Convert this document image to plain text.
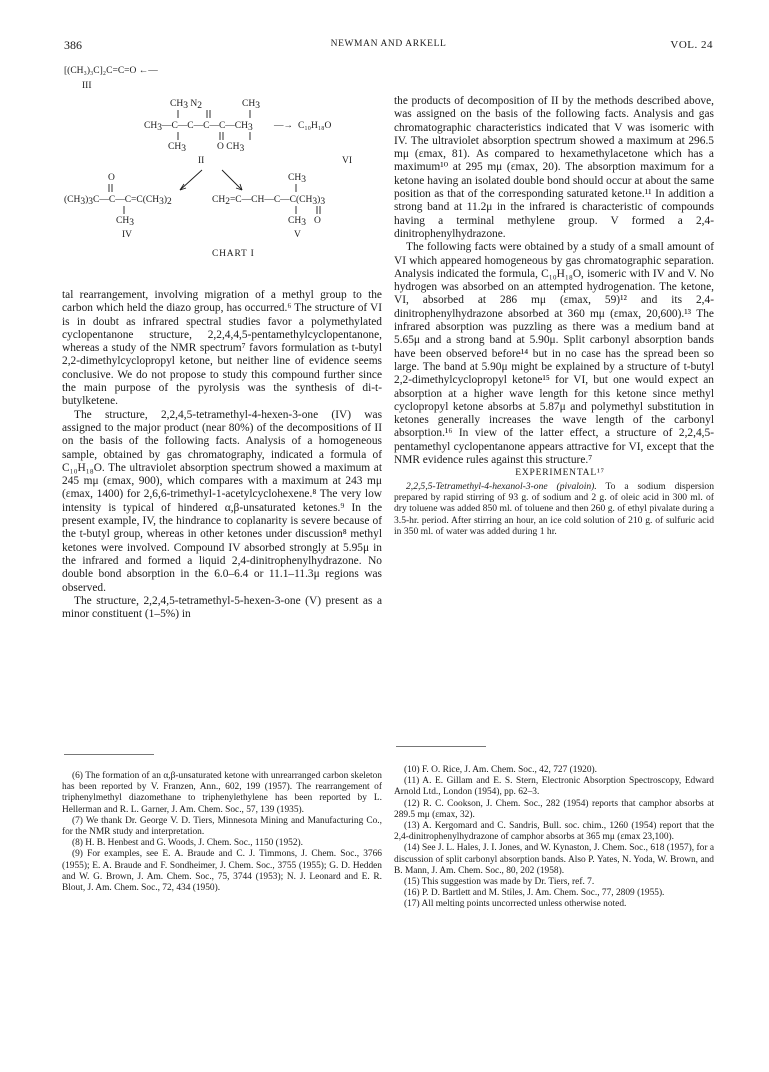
386	NEWMAN AND ARKELL	VOL. 24
[(CH₃)₃C]₂C=C=O ←—
III
CH3 N2	CH3
CH3—C—C—C—C—CH3 —→ C₁₀H₁₈O
CH3	O CH3
II	VI
O
(CH3)3C—C—C=C(CH3)2
CH3
IV
CH3
CH2=C—CH—C—C(CH3)3
CH3 O
V
CHART I

tal rearrangement, involving migration of a methyl group to the carbon which held the diazo group, has occurred.⁶ The structure of VI is in doubt as infrared spectral studies favor a polymethylated cyclopentanone structure, 2,2,4,4,5-pentamethylcyclopentanone, whereas a study of the NMR spectrum⁷ favors formulation as t-butyl 2,2-dimethylcyclopropyl ketone, but neither line of evidence seems conclusive. We do not propose to study this compound further since the main purpose of the pyrolysis was the synthesis of di-t-butylketene.

The structure, 2,2,4,5-tetramethyl-4-hexen-3-one (IV) was assigned to the major product (near 80%) of the decompositions of II on the basis of the following facts. Analysis of a homogeneous sample, obtained by gas chromatography, indicated a formula of C₁₀H₁₈O. The ultraviolet absorption spectrum showed a maximum at 245 mμ (εmax, 900), which compares with a maximum at 243 mμ (εmax, 1400) for 2,6,6-trimethyl-1-acetylcyclohexene.⁸ The very low intensity is typical of hindered α,β-unsaturated ketones.⁹ In the present example, IV, the hindrance to coplanarity is severe because of the t-butyl group, whereas in other ketones under discussion⁸ methyl ketones were involved. Compound IV absorbed strongly at 5.95μ in the infrared and formed a liquid 2,4-dinitrophenylhydrazone. No double bond absorption in the 6.0–6.4 or 11.1–11.3μ regions was observed.

The structure, 2,2,4,5-tetramethyl-5-hexen-3-one (V) present as a minor constituent (1–5%) in

the products of decomposition of II by the methods described above, was assigned on the basis of the following facts. Analysis and gas chromatographic characteristics indicated that V was isomeric with IV. The ultraviolet absorption spectrum showed a maximum at 296.5 mμ (εmax, 81). As compared to hexamethylacetone which has a maximum¹⁰ at 295 mμ (εmax, 20). The absorption maximum for a ketone having an isolated double bond should occur at about the same position as that of the corresponding saturated ketone.¹¹ In addition a strong band at 11.2μ in the infrared is characteristic of compounds having a terminal methylene group. V formed a 2,4-dinitrophenylhydrazone.

The following facts were obtained by a study of a small amount of VI which appeared homogeneous by gas chromatographic separation. Analysis indicated the formula, C₁₀H₁₈O, isomeric with IV and V. No hydrogen was absorbed on an attempted hydrogenation. The ketone, VI, absorbed at 286 mμ (εmax, 59)¹² and its 2,4-dinitrophenylhydrazone absorbed at 360 mμ (εmax, 20,600).¹³ The infrared absorption was puzzling as there was a medium band at 5.65μ and a strong band at 5.90μ. Split carbonyl absorption bands have been observed before¹⁴ but in no case has the spread been so large. The band at 5.90μ might be explained by a structure of t-butyl 2,2-dimethylcyclopropyl ketone¹⁵ for VI, but one would expect an absorption at a higher wave length for this ketone since methyl cyclopropyl ketone absorbs at 5.87μ and polymethyl substitution in ketones generally increases the wave length of the carbonyl absorption.¹⁶ In view of the latter effect, a structure of 2,2,4,5-pentamethyl cyclopentanone appears attractive for VI, except that the NMR evidence rules against this structure.⁷

EXPERIMENTAL¹⁷

2,2,5,5-Tetramethyl-4-hexanol-3-one (pivaloin). To a sodium dispersion prepared by rapid stirring of 93 g. of sodium and 2 g. of oleic acid in 300 ml. of dry toluene was added 850 ml. of toluene and then 260 g. of ethyl pivalate during a 3.5-hr. period. After stirring an hour, an ice cold solution of 210 g. of sulfuric acid in 350 ml. of water was added during 1 hr.

(6) The formation of an α,β-unsaturated ketone with unrearranged carbon skeleton has been reported by V. Franzen, Ann., 602, 199 (1957). The rearrangement of triphenylmethyl diazomethane to triphenylethylene has been reported by L. Hellerman and R. L. Garner, J. Am. Chem. Soc., 57, 139 (1935).

(7) We thank Dr. George V. D. Tiers, Minnesota Mining and Manufacturing Co., for the NMR study and interpretation.

(8) H. B. Henbest and G. Woods, J. Chem. Soc., 1150 (1952).

(9) For examples, see E. A. Braude and C. J. Timmons, J. Chem. Soc., 3766 (1955); E. A. Braude and F. Sondheimer, J. Chem. Soc., 3755 (1955); G. D. Hedden and W. G. Brown, J. Am. Chem. Soc., 75, 3744 (1953); N. J. Leonard and E. R. Blout, J. Am. Chem. Soc., 72, 434 (1950).

(10) F. O. Rice, J. Am. Chem. Soc., 42, 727 (1920).

(11) A. E. Gillam and E. S. Stern, Electronic Absorption Spectroscopy, Edward Arnold Ltd., London (1954), pp. 62–3.

(12) R. C. Cookson, J. Chem. Soc., 282 (1954) reports that camphor absorbs at 289.5 mμ (εmax, 32).

(13) A. Kergomard and C. Sandris, Bull. soc. chim., 1260 (1954) report that the 2,4-dinitrophenylhydrazone of camphor absorbs at 365 mμ (εmax 23,100).

(14) See J. L. Hales, J. I. Jones, and W. Kynaston, J. Chem. Soc., 618 (1957), for a discussion of split carbonyl absorption bands. Also P. Yates, N. Yoda, W. Brown, and B. Mann, J. Am. Chem. Soc., 80, 202 (1958).

(15) This suggestion was made by Dr. Tiers, ref. 7.

(16) P. D. Bartlett and M. Stiles, J. Am. Chem. Soc., 77, 2809 (1955).

(17) All melting points uncorrected unless otherwise noted.
